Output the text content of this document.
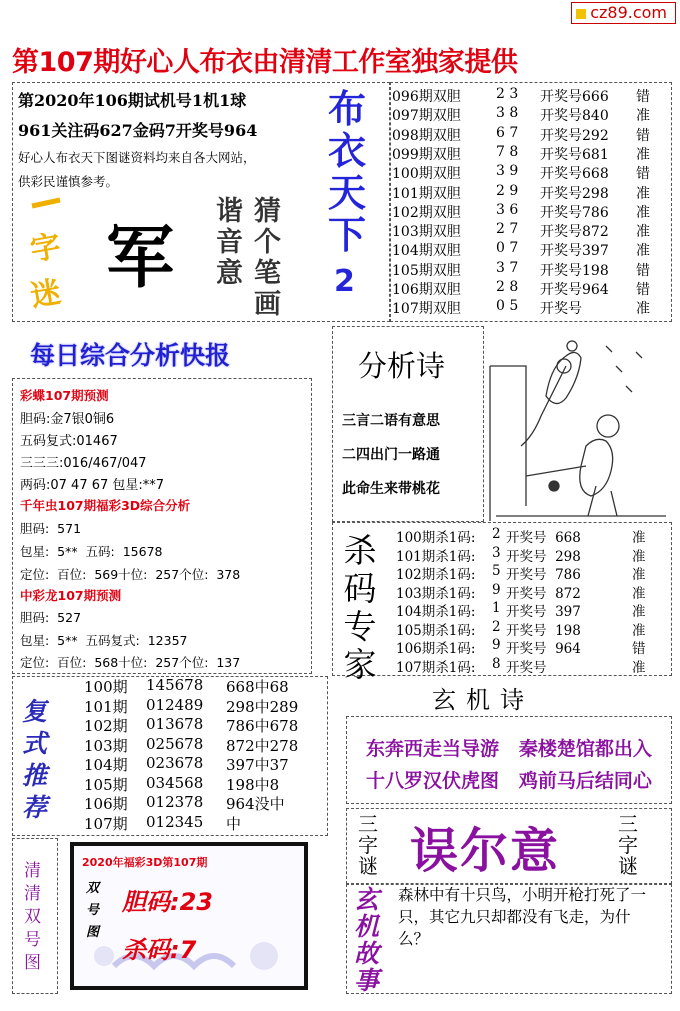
cz89.com
第107期好心人布衣由清清工作室独家提供
第2020年106期试机号1机1球
961关注码627金码7开奖号964
好心人布衣天下图谜资料均来自各大网站，
供彩民谨慎参考。
字
迷 军
猜个笔画
谐音意
布衣天下
2
096期双胆	2 3 开奖号666 错
097期双胆	3 8 开奖号840 准
098期双胆	6 7 开奖号292 错
099期双胆	7 8 开奖号681 准
100期双胆	3 9 开奖号668 错
101期双胆	2 9 开奖号298 准
102期双胆	3 6 开奖号786 准
103期双胆	2 7 开奖号872 准
104期双胆	0 7 开奖号397 准
105期双胆	3 7 开奖号198 错
106期双胆	2 8 开奖号964 错
107期双胆	0 5 开奖号	准
每日综合分析快报
彩蝶107期预测
胆码:金7银0铜6
五码复式:01467
三三三:016/467/047
两码:07 47 67 包星:**7
千年虫107期福彩3D综合分析
胆码:  571
包星:  5**  五码:  15678
定位:  百位:  569十位:  257个位:  378
中彩龙107期预测
胆码:  527
包星:  5**  五码复式:  12357
定位:  百位:  568十位:  257个位:  137
分析诗
三言二语有意思
二四出门一路通
此命生来带桃花
杀码专家
100期杀1码: 2 开奖号  668	准
101期杀1码: 3 开奖号  298	准
102期杀1码: 5 开奖号  786	准
103期杀1码: 9 开奖号  872	准
104期杀1码: 1 开奖号  397	准
105期杀1码: 2 开奖号  198	准
106期杀1码: 9 开奖号  964	错
107期杀1码: 8 开奖号	准
复式推荐
100期 145678 668中68
101期 012489 298中289
102期 013678 786中678
103期 025678 872中278
104期 023678 397中37
105期 034568 198中8
106期 012378 964没中
107期 012345 中
玄机诗
东奔西走当导游   秦楼楚馆都出入
十八罗汉伏虎图   鸡前马后结同心
三字谜
三字谜
误尔意
玄机故事
森林中有十只鸟，小明开枪打死了一只，其它九只却都没有飞走，为什么？
清清双号图
2020年福彩3D第107期
双号图
胆码:23
杀码:7
